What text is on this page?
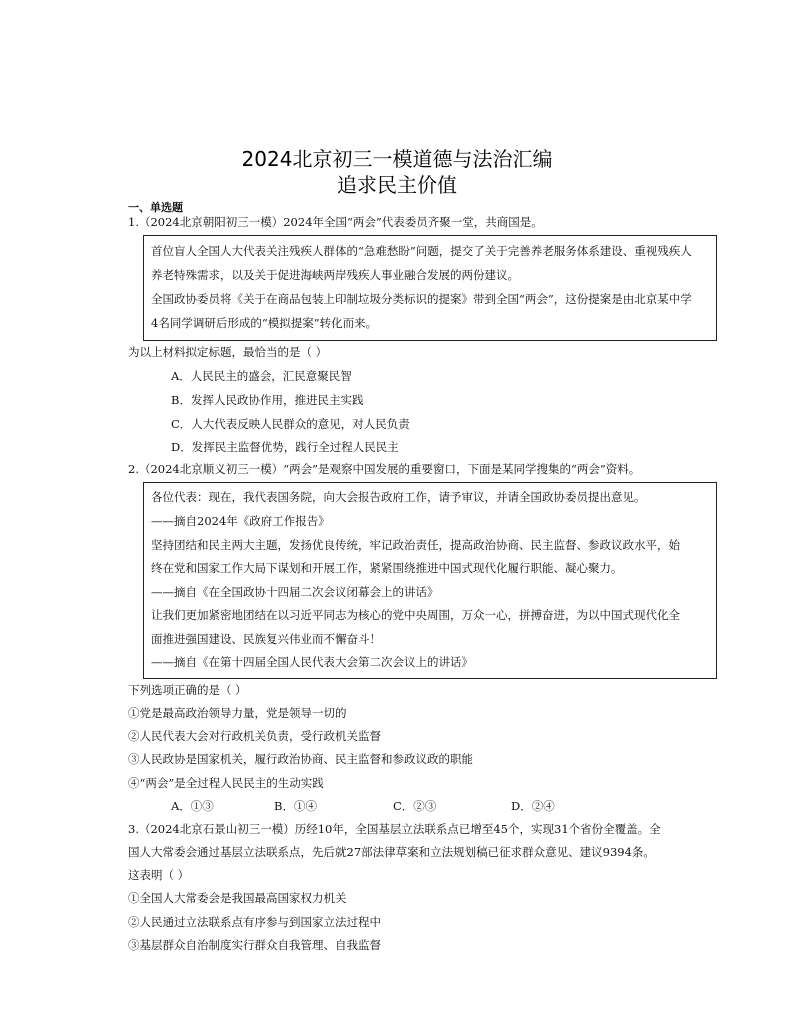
2024北京初三一模道德与法治汇编
追求民主价值
一、单选题
1.（2024北京朝阳初三一模）2024年全国“两会”代表委员齐聚一堂，共商国是。
首位盲人全国人大代表关注残疾人群体的“急难愁盼”问题，提交了关于完善养老服务体系建设、重视残疾人
养老特殊需求，以及关于促进海峡两岸残疾人事业融合发展的两份建议。
全国政协委员将《关于在商品包装上印制垃圾分类标识的提案》带到全国“两会”，这份提案是由北京某中学
4名同学调研后形成的“模拟提案”转化而来。
为以上材料拟定标题，最恰当的是（ ）
A．人民民主的盛会，汇民意聚民智
B．发挥人民政协作用，推进民主实践
C．人大代表反映人民群众的意见，对人民负责
D．发挥民主监督优势，践行全过程人民民主
2.（2024北京顺义初三一模）“两会”是观察中国发展的重要窗口，下面是某同学搜集的“两会”资料。
各位代表：现在，我代表国务院，向大会报告政府工作，请予审议，并请全国政协委员提出意见。
——摘自2024年《政府工作报告》
坚持团结和民主两大主题，发扬优良传统，牢记政治责任，提高政治协商、民主监督、参政议政水平，始
终在党和国家工作大局下谋划和开展工作，紧紧围绕推进中国式现代化履行职能、凝心聚力。
——摘自《在全国政协十四届二次会议闭幕会上的讲话》
让我们更加紧密地团结在以习近平同志为核心的党中央周围，万众一心，拼搏奋进，为以中国式现代化全
面推进强国建设、民族复兴伟业而不懈奋斗！
——摘自《在第十四届全国人民代表大会第二次会议上的讲话》
下列选项正确的是（ ）
①党是最高政治领导力量，党是领导一切的
②人民代表大会对行政机关负责，受行政机关监督
③人民政协是国家机关，履行政治协商、民主监督和参政议政的职能
④“两会”是全过程人民民主的生动实践
A．①③	B．①④	C．②③	D．②④
3.（2024北京石景山初三一模）历经10年，全国基层立法联系点已增至45个，实现31个省份全覆盖。全
国人大常委会通过基层立法联系点，先后就27部法律草案和立法规划稿已征求群众意见、建议9394条。
这表明（ ）
①全国人大常委会是我国最高国家权力机关
②人民通过立法联系点有序参与到国家立法过程中
③基层群众自治制度实行群众自我管理、自我监督
